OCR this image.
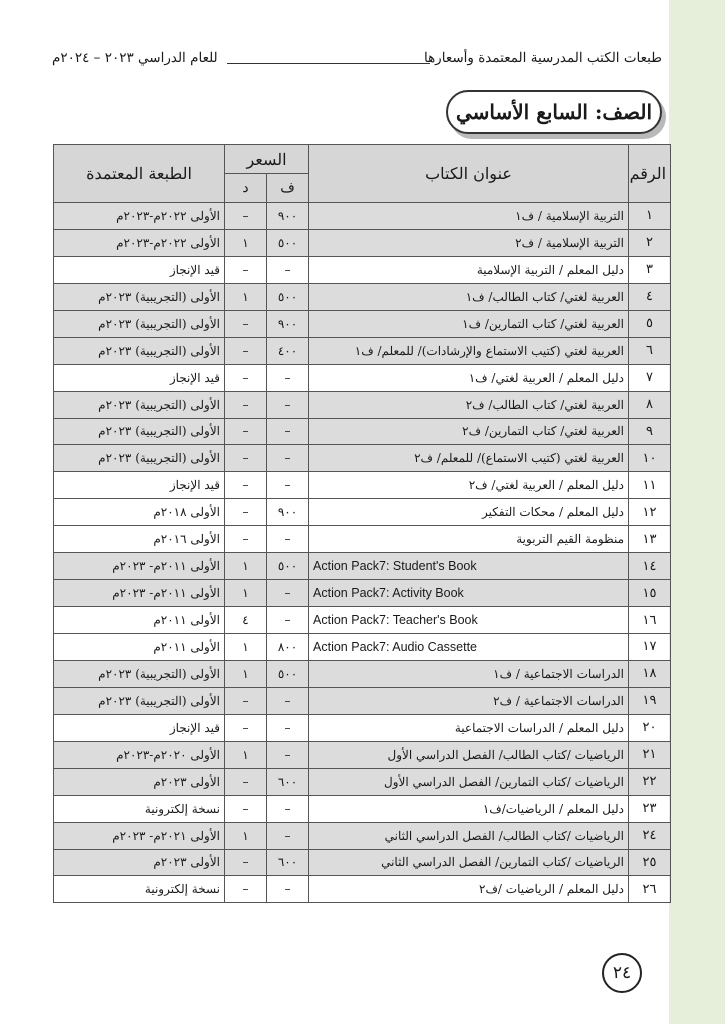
طبعات الكتب المدرسية المعتمدة وأسعارها
للعام الدراسي ٢٠٢٣ – ٢٠٢٤م
الصف: السابع الأساسي
الرقم	عنوان الكتاب	السعر		الطبعة المعتمدة
		ف	د	
١	التربية الإسلامية / ف١	٩٠٠	–	الأولى ٢٠٢٢م-٢٠٢٣م
٢	التربية الإسلامية / ف٢	٥٠٠	١	الأولى ٢٠٢٢م-٢٠٢٣م
٣	دليل المعلم / التربية الإسلامية	–	–	قيد الإنجاز
٤	العربية لغتي/ كتاب الطالب/ ف١	٥٠٠	١	الأولى (التجريبية) ٢٠٢٣م
٥	العربية لغتي/ كتاب التمارين/ ف١	٩٠٠	–	الأولى (التجريبية) ٢٠٢٣م
٦	العربية لغتي (كتيب الاستماع والإرشادات)/ للمعلم/ ف١	٤٠٠	–	الأولى (التجريبية) ٢٠٢٣م
٧	دليل المعلم / العربية لغتي/ ف١	–	–	قيد الإنجاز
٨	العربية لغتي/ كتاب الطالب/ ف٢	–	–	الأولى (التجريبية) ٢٠٢٣م
٩	العربية لغتي/ كتاب التمارين/ ف٢	–	–	الأولى (التجريبية) ٢٠٢٣م
١٠	العربية لغتي (كتيب الاستماع)/ للمعلم/ ف٢	–	–	الأولى (التجريبية) ٢٠٢٣م
١١	دليل المعلم / العربية لغتي/ ف٢	–	–	قيد الإنجاز
١٢	دليل المعلم / محكات التفكير	٩٠٠	–	الأولى ٢٠١٨م
١٣	منظومة القيم التربوية	–	–	الأولى ٢٠١٦م
١٤	Action Pack7: Student's Book	٥٠٠	١	الأولى ٢٠١١م- ٢٠٢٣م
١٥	Action Pack7: Activity Book	–	١	الأولى ٢٠١١م- ٢٠٢٣م
١٦	Action Pack7: Teacher's Book	–	٤	الأولى ٢٠١١م
١٧	Action Pack7: Audio Cassette	٨٠٠	١	الأولى ٢٠١١م
١٨	الدراسات الاجتماعية / ف١	٥٠٠	١	الأولى (التجريبية) ٢٠٢٣م
١٩	الدراسات الاجتماعية / ف٢	–	–	الأولى (التجريبية) ٢٠٢٣م
٢٠	دليل المعلم / الدراسات الاجتماعية	–	–	قيد الإنجاز
٢١	الرياضيات /كتاب الطالب/ الفصل الدراسي الأول	–	١	الأولى ٢٠٢٠م-٢٠٢٣م
٢٢	الرياضيات /كتاب التمارين/ الفصل الدراسي الأول	٦٠٠	–	الأولى ٢٠٢٣م
٢٣	دليل المعلم / الرياضيات/ف١	–	–	نسخة إلكترونية
٢٤	الرياضيات /كتاب الطالب/ الفصل الدراسي الثاني	–	١	الأولى ٢٠٢١م- ٢٠٢٣م
٢٥	الرياضيات /كتاب التمارين/ الفصل الدراسي الثاني	٦٠٠	–	الأولى ٢٠٢٣م
٢٦	دليل المعلم / الرياضيات /ف٢	–	–	نسخة إلكترونية
٢٤
